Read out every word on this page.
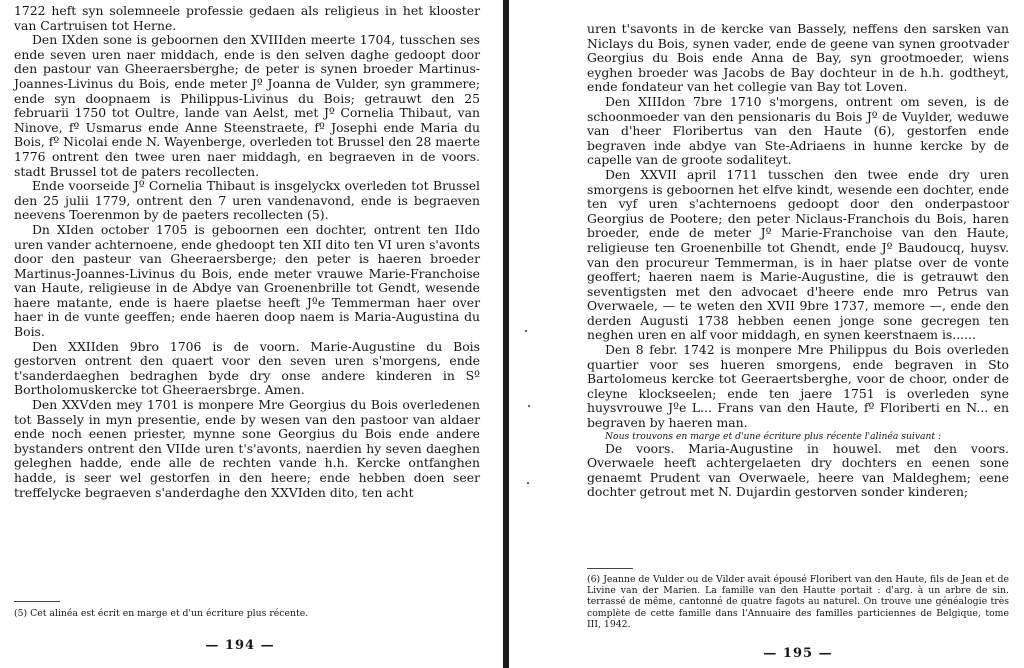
1722 heft syn solemneele professie gedaen als religieus in het klooster van Cartruisen tot Herne.

Den IXden sone is geboornen den XVIIIden meerte 1704, tusschen ses ende seven uren naer middach, ende is den selven daghe gedoopt door den pastour van Gheeraersberghe; de peter is synen broeder Martinus-Joannes-Livinus du Bois, ende meter Jº Joanna de Vulder, syn grammere; ende syn doopnaem is Philippus-Livinus du Bois; getrauwt den 25 februarii 1750 tot Oultre, lande van Aelst, met Jº Cornelia Thibaut, van Ninove, fº Usmarus ende Anne Steenstraete, fº Josephi ende Maria du Bois, fº Nicolai ende N. Wayenberge, overleden tot Brussel den 28 maerte 1776 ontrent den twee uren naer middagh, en begraeven in de voors. stadt Brussel tot de paters recollecten.

Ende voorseide Jº Cornelia Thibaut is insgelyckx overleden tot Brussel den 25 julii 1779, ontrent den 7 uren vandenavond, ende is begraeven neevens Toerenmon by de paeters recollecten (5).

Dn XIden october 1705 is geboornen een dochter, ontrent ten IIdo uren vander achternoene, ende ghedoopt ten XII dito ten VI uren s'avonts door den pasteur van Gheeraersberge; den peter is haeren broeder Martinus-Joannes-Livinus du Bois, ende meter vrauwe Marie-Franchoise van Haute, religieuse in de Abdye van Groenenbrille tot Gendt, wesende haere matante, ende is haere plaetse heeft Jºe Temmerman haer over haer in de vunte geeffen; ende haeren doop naem is Maria-Augustina du Bois.

Den XXIIden 9bro 1706 is de voorn. Marie-Augustine du Bois gestorven ontrent den quaert voor den seven uren s'morgens, ende t'sanderdaeghen bedraghen byde dry onse andere kinderen in Sº Bortholomuskercke tot Gheeraersbrge. Amen.

Den XXVden mey 1701 is monpere Mre Georgius du Bois overledenen tot Bassely in myn presentie, ende by wesen van den pastoor van aldaer ende noch eenen priester, mynne sone Georgius du Bois ende andere bystanders ontrent den VIIde uren t's'avonts, naerdien hy seven daeghen geleghen hadde, ende alle de rechten vande h.h. Kercke ontfanghen hadde, is seer wel gestorfen in den heere; ende hebben doen seer treffelycke begraeven s'anderdaghe den XXVIden dito, ten acht

(5) Cet alinéa est écrit en marge et d'un écriture plus récente.

— 194 —

uren t'savonts in de kercke van Bassely, neffens den sarsken van Niclays du Bois, synen vader, ende de geene van synen grootvader Georgius du Bois ende Anna de Bay, syn grootmoeder, wiens eyghen broeder was Jacobs de Bay dochteur in de h.h. godtheyt, ende fondateur van het collegie van Bay tot Loven.

Den XIIIdon 7bre 1710 s'morgens, ontrent om seven, is de schoonmoeder van den pensionaris du Bois Jº de Vuylder, weduwe van d'heer Floribertus van den Haute (6), gestorfen ende begraven inde abdye van Ste-Adriaens in hunne kercke by de capelle van de groote sodaliteyt.

Den XXVII april 1711 tusschen den twee ende dry uren smorgens is geboornen het elfve kindt, wesende een dochter, ende ten vyf uren s'achternoens gedoopt door den onderpastoor Georgius de Pootere; den peter Niclaus-Franchois du Bois, haren broeder, ende de meter Jº Marie-Franchoise van den Haute, religieuse ten Groenenbille tot Ghendt, ende Jº Baudoucq, huysv. van den procureur Temmerman, is in haer platse over de vonte geoffert; haeren naem is Marie-Augustine, die is getrauwt den seventigsten met den advocaet d'heere ende mro Petrus van Overwaele, — te weten den XVII 9bre 1737, memore —, ende den derden Augusti 1738 hebben eenen jonge sone gecregen ten neghen uren en alf voor middagh, en synen keerstnaem is......

Den 8 febr. 1742 is monpere Mre Philippus du Bois overleden quartier voor ses hueren smorgens, ende begraven in Sto Bartolomeus kercke tot Geeraertsberghe, voor de choor, onder de cleyne klockseelen; ende ten jaere 1751 is overleden syne huysvrouwe Jºe L... Frans van den Haute, fº Floriberti en N... en begraven by haeren man.

Nous trouvons en marge et d'une écriture plus récente l'alinéa suivant :

De voors. Maria-Augustine in houwel. met den voors. Overwaele heeft achtergelaeten dry dochters en eenen sone genaemt Prudent van Overwaele, heere van Maldeghem; eene dochter getrout met N. Dujardin gestorven sonder kinderen;

(6) Jeanne de Vulder ou de Vilder avait épousé Floribert van den Haute, fils de Jean et de Livine van der Marien. La famille van den Hautte portait : d'arg. à un arbre de sin. terrassé de même, cantonné de quatre fagots au naturel. On trouve une généalogie très complète de cette famille dans l'Annuaire des familles particiennes de Belgique, tome III, 1942.

— 195 —
